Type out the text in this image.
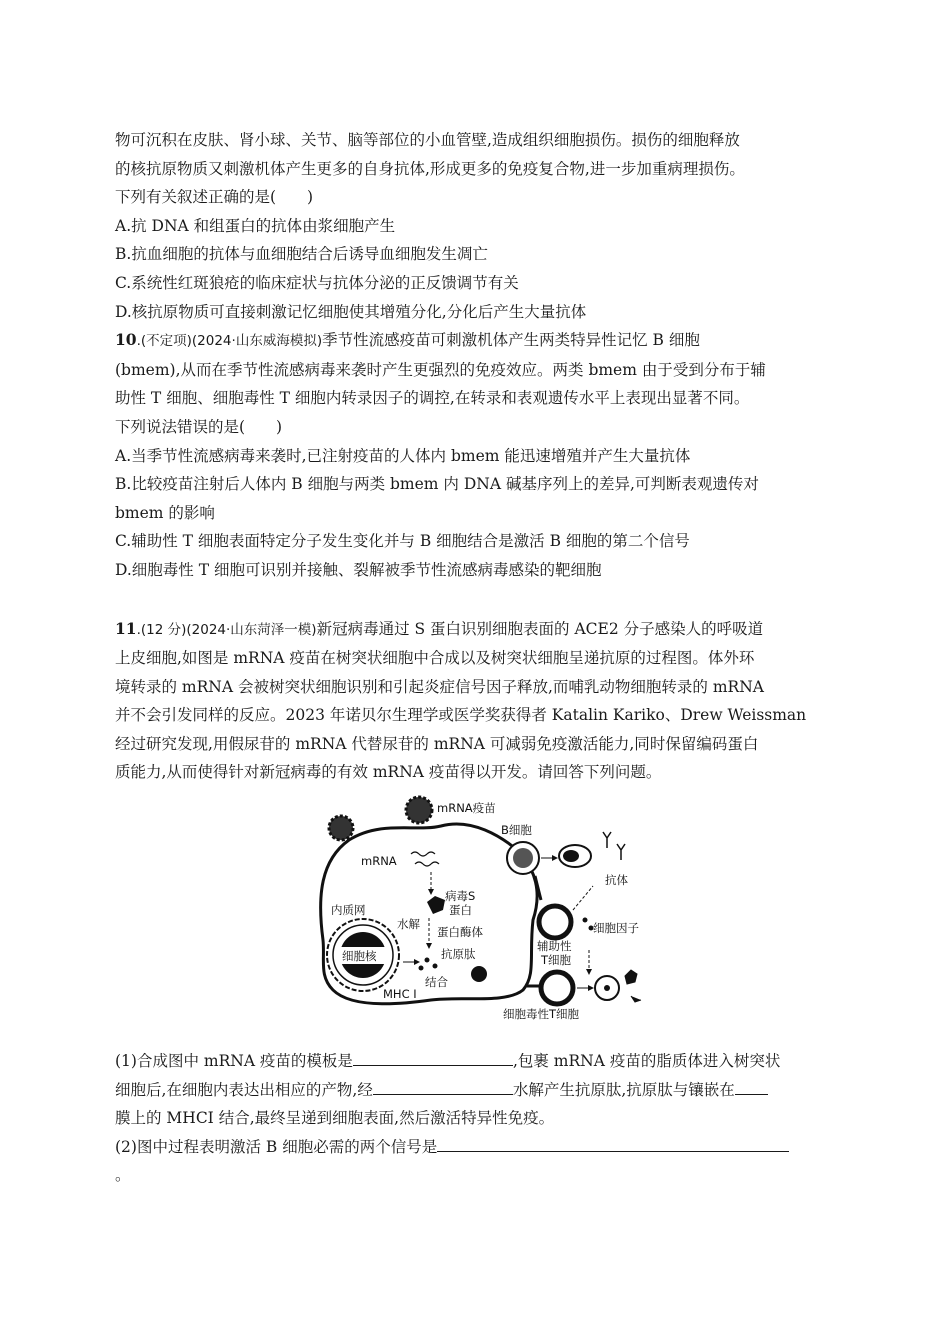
物可沉积在皮肤、肾小球、关节、脑等部位的小血管壁,造成组织细胞损伤。损伤的细胞释放

的核抗原物质又刺激机体产生更多的自身抗体,形成更多的免疫复合物,进一步加重病理损伤。

下列有关叙述正确的是(　　)

A.抗 DNA 和组蛋白的抗体由浆细胞产生

B.抗血细胞的抗体与血细胞结合后诱导血细胞发生凋亡

C.系统性红斑狼疮的临床症状与抗体分泌的正反馈调节有关

D.核抗原物质可直接刺激记忆细胞使其增殖分化,分化后产生大量抗体

10.(不定项)(2024·山东威海模拟)季节性流感疫苗可刺激机体产生两类特异性记忆 B 细胞

(bmem),从而在季节性流感病毒来袭时产生更强烈的免疫效应。两类 bmem 由于受到分布于辅

助性 T 细胞、细胞毒性 T 细胞内转录因子的调控,在转录和表观遗传水平上表现出显著不同。

下列说法错误的是(　　)

A.当季节性流感病毒来袭时,已注射疫苗的人体内 bmem 能迅速增殖并产生大量抗体

B.比较疫苗注射后人体内 B 细胞与两类 bmem 内 DNA 碱基序列上的差异,可判断表观遗传对

bmem 的影响

C.辅助性 T 细胞表面特定分子发生变化并与 B 细胞结合是激活 B 细胞的第二个信号

D.细胞毒性 T 细胞可识别并接触、裂解被季节性流感病毒感染的靶细胞

11.(12 分)(2024·山东菏泽一模)新冠病毒通过 S 蛋白识别细胞表面的 ACE2 分子感染人的呼吸道

上皮细胞,如图是 mRNA 疫苗在树突状细胞中合成以及树突状细胞呈递抗原的过程图。体外环

境转录的 mRNA 会被树突状细胞识别和引起炎症信号因子释放,而哺乳动物细胞转录的 mRNA

并不会引发同样的反应。2023 年诺贝尔生理学或医学奖获得者 Katalin Kariko、Drew Weissman

经过研究发现,用假尿苷的 mRNA 代替尿苷的 mRNA 可减弱免疫激活能力,同时保留编码蛋白

质能力,从而使得针对新冠病毒的有效 mRNA 疫苗得以开发。请回答下列问题。

细胞核
内质网
mRNA疫苗
mRNA
病毒S
蛋白
水解
蛋白酶体
抗原肽
MHC Ⅰ
结合
B细胞
抗体
辅助性
T细胞
细胞因子
细胞毒性T细胞

(1)合成图中 mRNA 疫苗的模板是	,包裹 mRNA 疫苗的脂质体进入树突状

细胞后,在细胞内表达出相应的产物,经	水解产生抗原肽,抗原肽与镶嵌在

膜上的 MHCⅠ 结合,最终呈递到细胞表面,然后激活特异性免疫。

(2)图中过程表明激活 B 细胞必需的两个信号是

。
